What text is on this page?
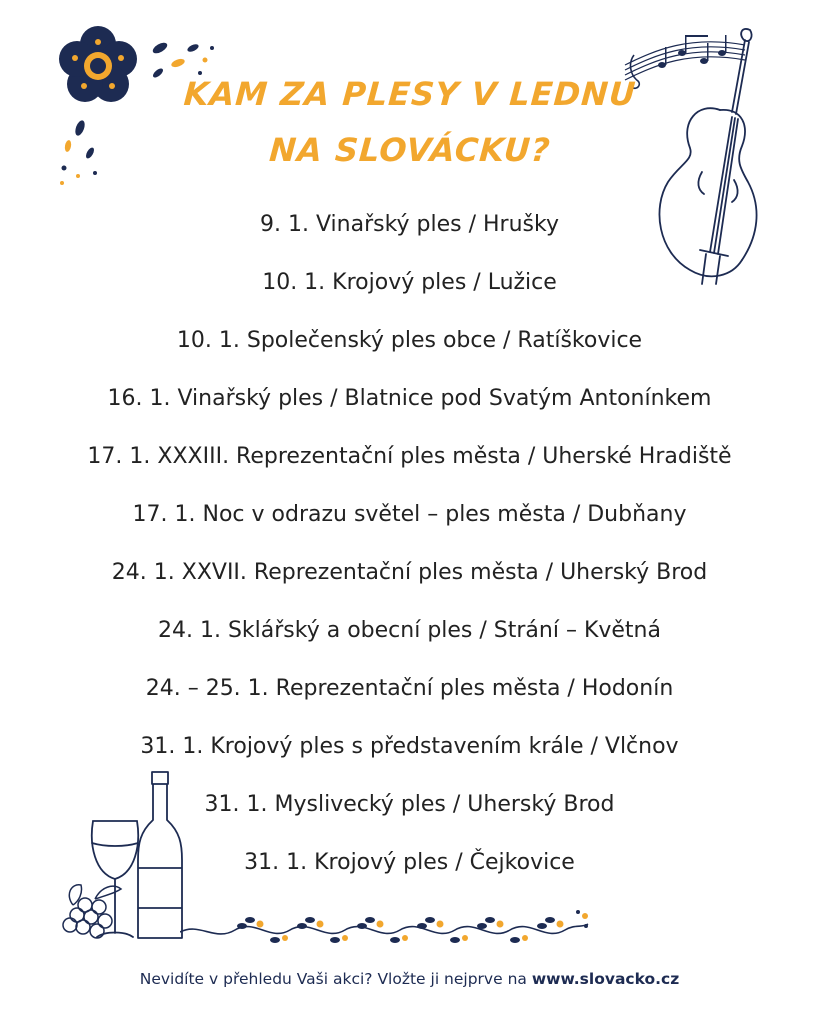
KAM ZA PLESY V LEDNU
NA SLOVÁCKU?
9. 1. Vinařský ples / Hrušky
10. 1. Krojový ples / Lužice
10. 1. Společenský ples obce / Ratíškovice
16. 1. Vinařský ples / Blatnice pod Svatým Antonínkem
17. 1. XXXIII. Reprezentační ples města / Uherské Hradiště
17. 1. Noc v odrazu světel – ples města / Dubňany
24. 1. XXVII. Reprezentační ples města / Uherský Brod
24. 1. Sklářský a obecní ples / Strání – Květná
24. – 25. 1. Reprezentační ples města / Hodonín
31. 1. Krojový ples s představením krále / Vlčnov
31. 1. Myslivecký ples / Uherský Brod
31. 1. Krojový ples / Čejkovice
Nevidíte v přehledu Vaši akci? Vložte ji nejprve na www.slovacko.cz
